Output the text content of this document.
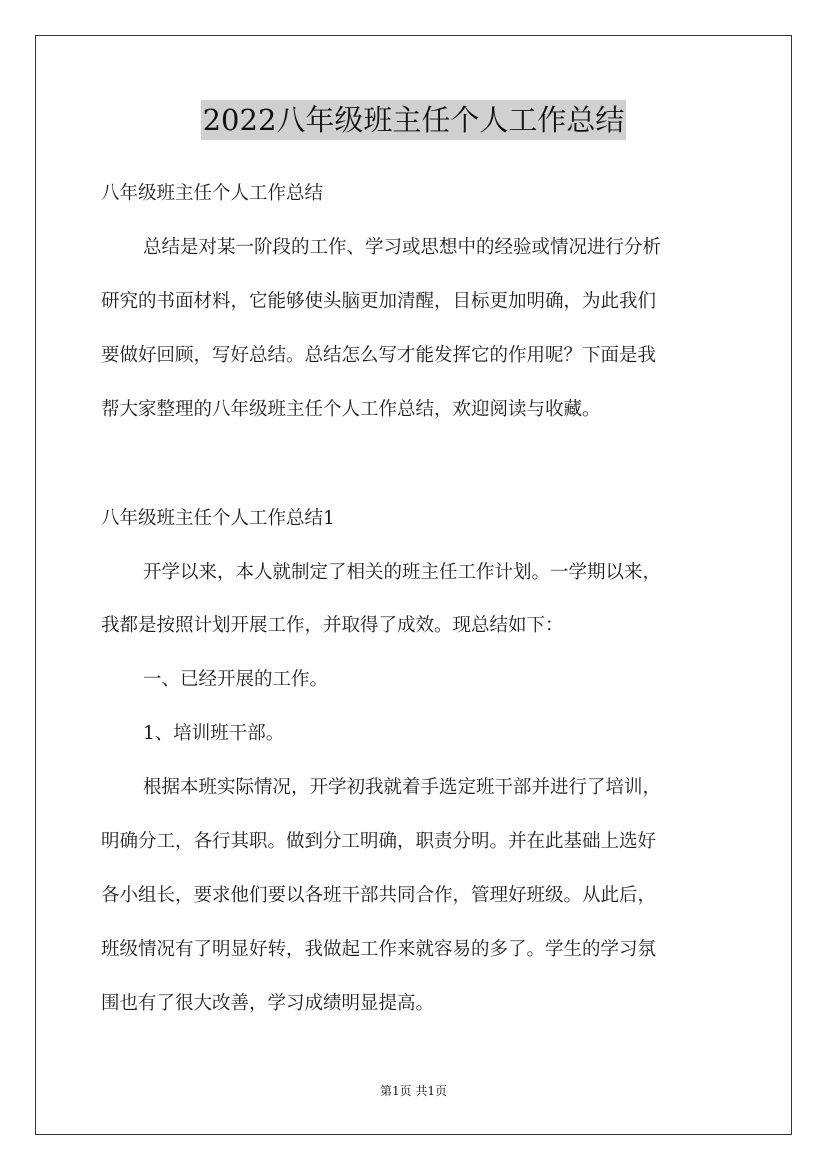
2022八年级班主任个人工作总结
八年级班主任个人工作总结
总结是对某一阶段的工作、学习或思想中的经验或情况进行分析
研究的书面材料，它能够使头脑更加清醒，目标更加明确，为此我们
要做好回顾，写好总结。总结怎么写才能发挥它的作用呢？下面是我
帮大家整理的八年级班主任个人工作总结，欢迎阅读与收藏。
八年级班主任个人工作总结1
开学以来，本人就制定了相关的班主任工作计划。一学期以来，
我都是按照计划开展工作，并取得了成效。现总结如下：
一、已经开展的工作。
1、培训班干部。
根据本班实际情况，开学初我就着手选定班干部并进行了培训，
明确分工，各行其职。做到分工明确，职责分明。并在此基础上选好
各小组长，要求他们要以各班干部共同合作，管理好班级。从此后，
班级情况有了明显好转，我做起工作来就容易的多了。学生的学习氛
围也有了很大改善，学习成绩明显提高。
第1页 共1页
